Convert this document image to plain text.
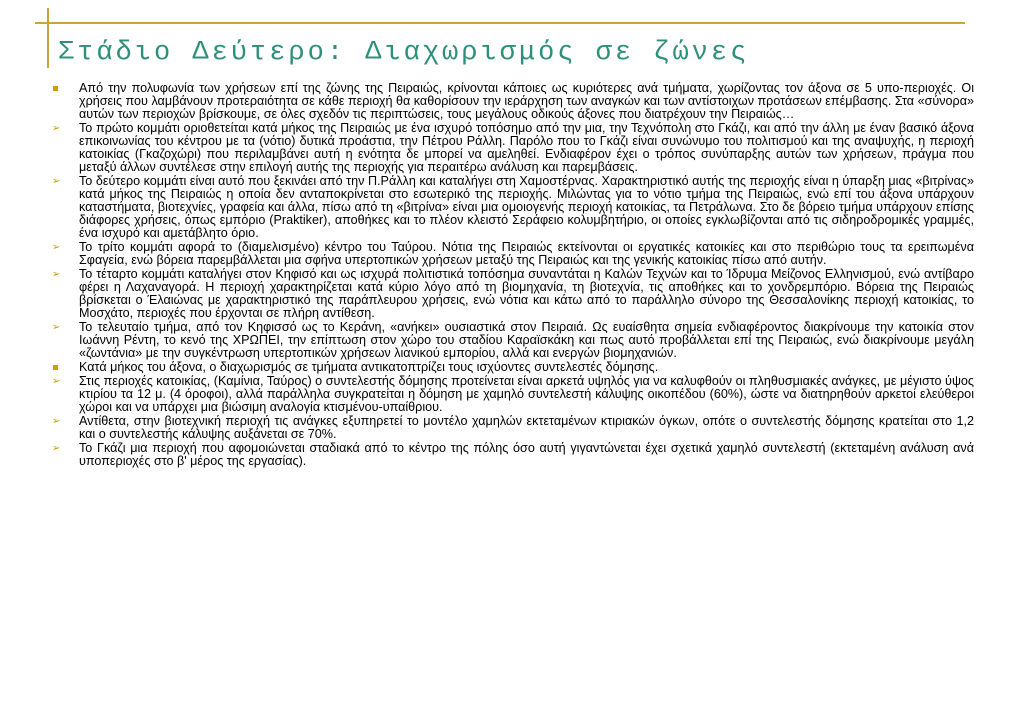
Στάδιο Δεύτερο: Διαχωρισμός σε ζώνες
Από την πολυφωνία των χρήσεων επί της ζώνης της Πειραιώς, κρίνονται κάποιες ως κυριότερες ανά τμήματα, χωρίζοντας τον άξονα σε 5 υπο-περιοχές. Οι χρήσεις που λαμβάνουν προτεραιότητα σε κάθε περιοχή θα καθορίσουν την ιεράρχηση των αναγκών και των αντίστοιχων προτάσεων επέμβασης. Στα «σύνορα» αυτών των περιοχών βρίσκουμε, σε όλες σχεδόν τις περιπτώσεις, τους μεγάλους οδικούς άξονες που διατρέχουν την Πειραιώς…
➢	Το πρώτο κομμάτι οριοθετείται κατά μήκος της Πειραιώς με ένα ισχυρό τοπόσημο από την μια, την Τεχνόπολη στο Γκάζι, και από την άλλη με έναν βασικό άξονα επικοινωνίας του κέντρου με τα (νότιο) δυτικά προάστια, την Πέτρου Ράλλη. Παρόλο που το Γκάζι είναι συνώνυμο του πολιτισμού και της αναψυχής, η περιοχή κατοικίας (Γκαζοχώρι) που περιλαμβάνει αυτή η ενότητα δε μπορεί να αμεληθεί. Ενδιαφέρον έχει ο τρόπος συνύπαρξης αυτών των χρήσεων, πράγμα που μεταξύ άλλων συντέλεσε στην επιλογή αυτής της περιοχής για περαιτέρω ανάλυση και παρεμβάσεις.
➢	Το δεύτερο κομμάτι είναι αυτό που ξεκινάει από την Π.Ράλλη και καταλήγει στη Χαμοστέρνας. Χαρακτηριστικό αυτής της περιοχής είναι η ύπαρξη μιας «βιτρίνας» κατά μήκος της Πειραιώς η οποία δεν ανταποκρίνεται στο εσωτερικό της περιοχής. Μιλώντας για το νότιο τμήμα της Πειραιώς, ενώ επί του άξονα υπάρχουν καταστήματα, βιοτεχνίες, γραφεία και άλλα, πίσω από τη «βιτρίνα» είναι μια ομοιογενής περιοχή κατοικίας, τα Πετράλωνα. Στο δε βόρειο τμήμα υπάρχουν επίσης διάφορες χρήσεις, όπως εμπόριο (Praktiker), αποθήκες και το πλέον κλειστό Σεράφειο κολυμβητήριο, οι οποίες εγκλωβίζονται από τις σιδηροδρομικές γραμμές, ένα ισχυρό και αμετάβλητο όριο.
➢	Το τρίτο κομμάτι αφορά το (διαμελισμένο) κέντρο του Ταύρου. Νότια της Πειραιώς εκτείνονται οι εργατικές κατοικίες και στο περιθώριο τους τα ερειπωμένα Σφαγεία, ενώ βόρεια παρεμβάλλεται μια σφήνα υπερτοπικών χρήσεων μεταξύ της Πειραιώς και της γενικής κατοικίας πίσω από αυτήν.
➢	Το τέταρτο κομμάτι καταλήγει στον Κηφισό και ως ισχυρά πολιτιστικά τοπόσημα συναντάται η Καλών Τεχνών και το Ίδρυμα Μείζονος Ελληνισμού, ενώ αντίβαρο φέρει η Λαχαναγορά. Η περιοχή χαρακτηρίζεται κατά κύριο λόγο από τη βιομηχανία, τη βιοτεχνία, τις αποθήκες και το χονδρεμπόριο. Βόρεια της Πειραιώς βρίσκεται ο Έλαιώνας με χαρακτηριστικό της παράπλευρου χρήσεις, ενώ νότια και κάτω από το παράλληλο σύνορο της Θεσσαλονίκης περιοχή κατοικίας, το Μοσχάτο, περιοχές που έρχονται σε πλήρη αντίθεση.
➢	Το τελευταίο τμήμα, από τον Κηφισσό ως το Κεράνη, «ανήκει» ουσιαστικά στον Πειραιά. Ως ευαίσθητα σημεία ενδιαφέροντος διακρίνουμε την κατοικία στον Ιωάννη Ρέντη, το κενό της ΧΡΩΠΕΙ, την επίπτωση στον χώρο του σταδίου Καραϊσκάκη και πως αυτό προβάλλεται επί της Πειραιώς, ενώ διακρίνουμε μεγάλη «ζωντάνια» με την συγκέντρωση υπερτοπικών χρήσεων λιανικού εμπορίου, αλλά και ενεργών βιομηχανιών.
Κατά μήκος του άξονα, ο διαχωρισμός σε τμήματα αντικατοπτρίζει τους ισχύοντες συντελεστές δόμησης.
➢	Στις περιοχές κατοικίας, (Καμίνια, Ταύρος) ο συντελεστής δόμησης προτείνεται είναι αρκετά υψηλός για να καλυφθούν οι πληθυσμιακές ανάγκες, με μέγιστο ύψος κτιρίου τα 12 μ. (4 όροφοι), αλλά παράλληλα συγκρατείται η δόμηση με χαμηλό συντελεστή κάλυψης οικοπέδου (60%), ώστε να διατηρηθούν αρκετοί ελεύθεροι χώροι και να υπάρχει μια βιώσιμη αναλογία κτισμένου-υπαίθριου.
➢	Αντίθετα, στην βιοτεχνική περιοχή τις ανάγκες εξυπηρετεί το μοντέλο χαμηλών εκτεταμένων κτιριακών όγκων, οπότε ο συντελεστής δόμησης κρατείται στο 1,2 και ο συντελεστής κάλυψης αυξάνεται σε 70%.
➢	Το Γκάζι μια περιοχή που αφομοιώνεται σταδιακά από το κέντρο της πόλης όσο αυτή γιγαντώνεται έχει σχετικά χαμηλό συντελεστή (εκτεταμένη ανάλυση ανά υποπεριοχές στο β' μέρος της εργασίας).
